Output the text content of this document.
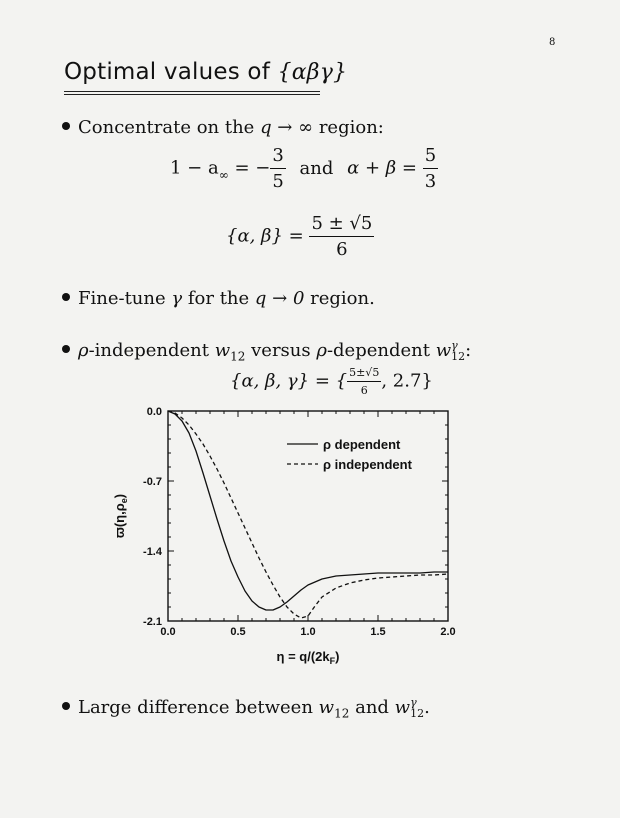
8
Optimal values of {αβγ}
Concentrate on the q → ∞ region:
$1 - a_\infty$ = − $\frac{3}{5}$ and $\alpha + \beta = \frac{5}{3}$
{α, $\beta\} = \frac{5 \pm √5}{6}$
Fine-tune γ for the q → 0 region.
ρ-independent $w_{12}$ versus ρ-dependent w γ
12 :
{α, β, γ} = { $\frac{5\pm√5}{6}$ , 2.7}
0.0	0.5	1.0	1.5	2.0
0.0
-0.7
-1.4
-2.1
ρ dependent
ρ independent
$\eta = q/(2k_F)$
$ϖ(\eta,\rho_e)$
Large difference between $w_{12}$ and w γ
12 .
